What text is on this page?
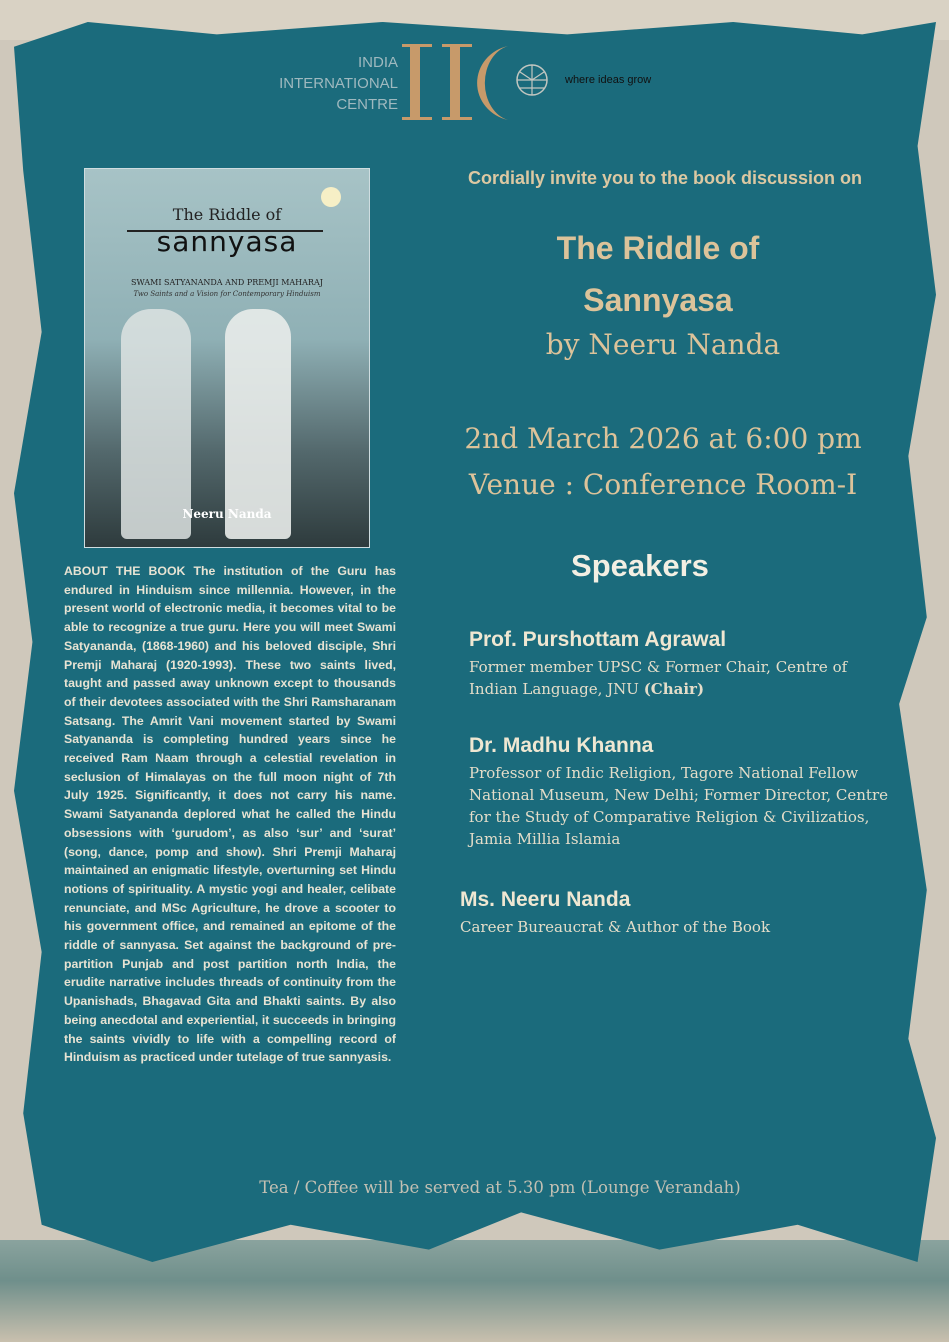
INDIA
INTERNATIONAL
CENTRE
where ideas grow
The Riddle of
sannyasa
SWAMI SATYANANDA AND PREMJI MAHARAJ
Two Saints and a Vision for Contemporary Hinduism
Neeru Nanda
ABOUT THE BOOK The institution of the Guru has endured in Hinduism since millennia. However, in the present world of electronic media, it becomes vital to be able to recognize a true guru. Here you will meet Swami Satyananda, (1868-1960) and his beloved disciple, Shri Premji Maharaj (1920-1993). These two saints lived, taught and passed away unknown except to thousands of their devotees associated with the Shri Ramsharanam Satsang. The Amrit Vani movement started by Swami Satyananda is completing hundred years since he received Ram Naam through a celestial revelation in seclusion of Himalayas on the full moon night of 7th July 1925. Significantly, it does not carry his name. Swami Satyananda deplored what he called the Hindu obsessions with ‘gurudom’, as also ‘sur’ and ‘surat’ (song, dance, pomp and show). Shri Premji Maharaj maintained an enigmatic lifestyle, overturning set Hindu notions of spirituality. A mystic yogi and healer, celibate renunciate, and MSc Agriculture, he drove a scooter to his government office, and remained an epitome of the riddle of sannyasa. Set against the background of pre-partition Punjab and post partition north India, the erudite narrative includes threads of continuity from the Upanishads, Bhagavad Gita and Bhakti saints. By also being anecdotal and experiential, it succeeds in bringing the saints vividly to life with a compelling record of Hinduism as practiced under tutelage of true sannyasis.
Cordially invite you to the book discussion on
The Riddle of
Sannyasa
by Neeru Nanda
2nd March 2026 at 6:00 pm
Venue : Conference Room-I
Speakers
Prof. Purshottam Agrawal
Former member UPSC & Former Chair, Centre of Indian Language, JNU (Chair)
Dr. Madhu Khanna
Professor of Indic Religion, Tagore National Fellow National Museum, New Delhi; Former Director, Centre for the Study of Comparative Religion & Civilizatios, Jamia Millia Islamia
Ms. Neeru Nanda
Career Bureaucrat & Author of the Book
Tea / Coffee will be served at 5.30 pm (Lounge Verandah)
